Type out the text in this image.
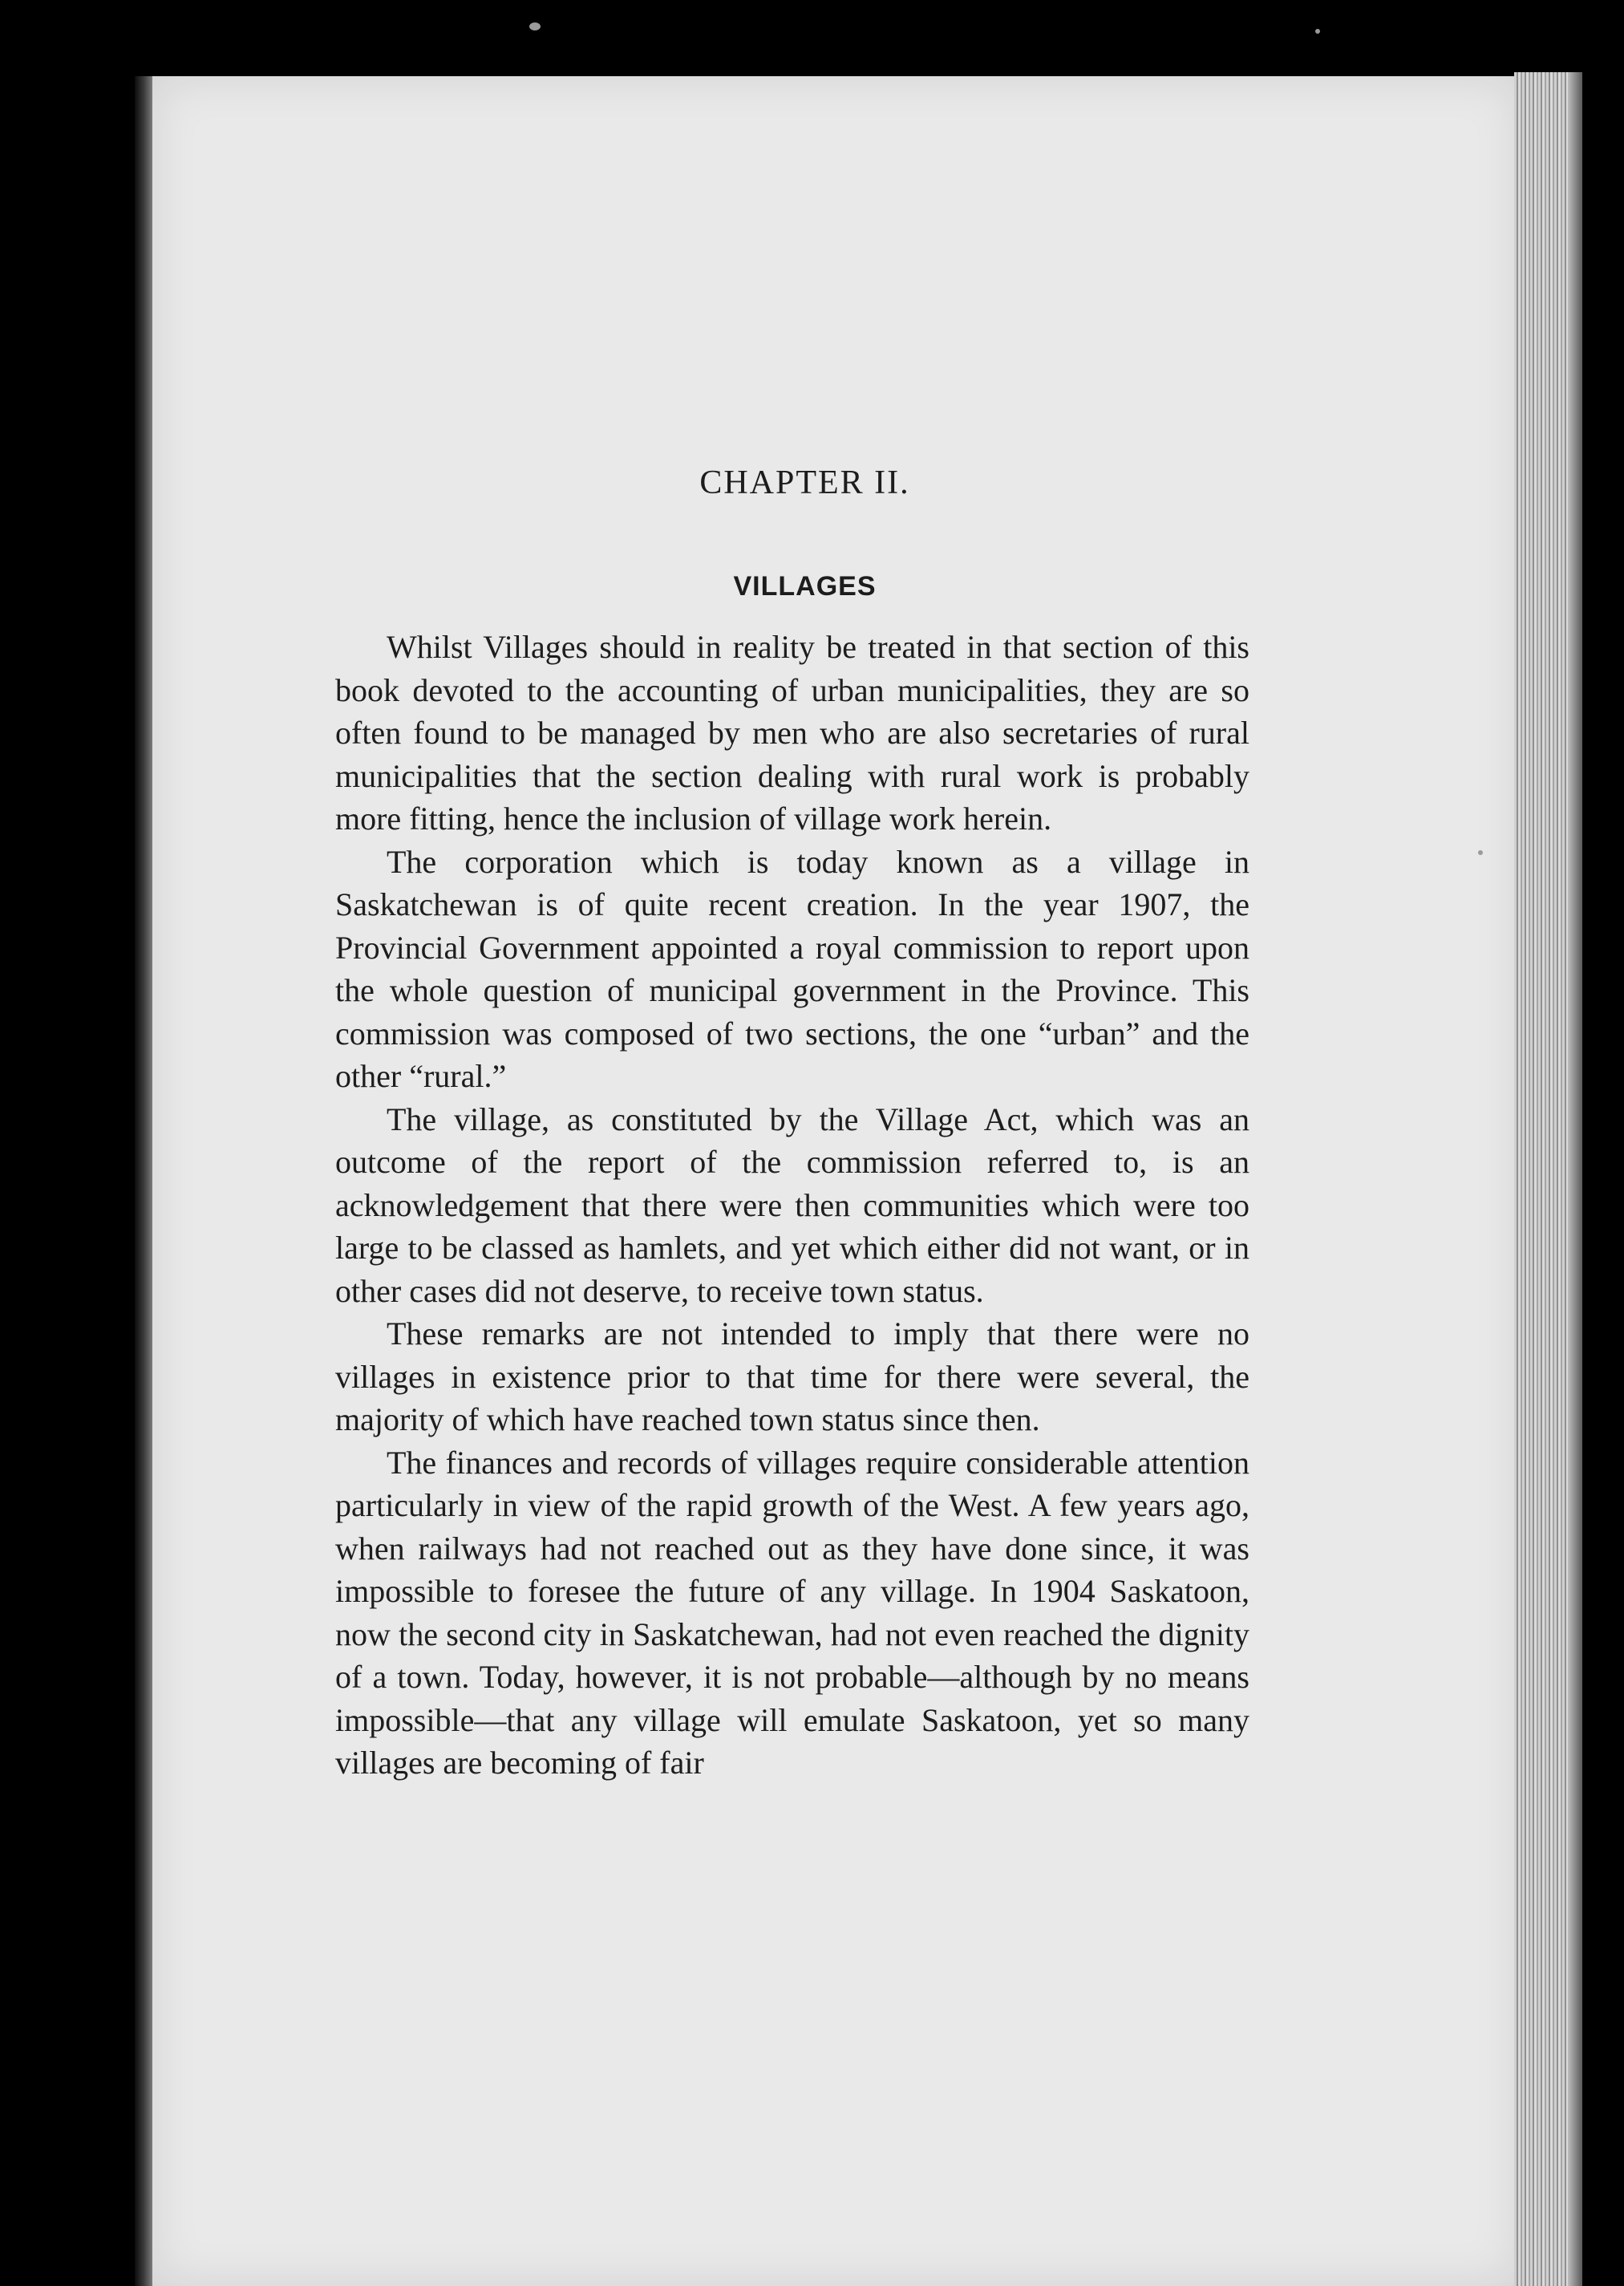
CHAPTER II.
VILLAGES

Whilst Villages should in reality be treated in that section of this book devoted to the accounting of urban municipalities, they are so often found to be managed by men who are also secretaries of rural municipalities that the section dealing with rural work is probably more fitting, hence the inclusion of village work herein.

The corporation which is today known as a village in Saskatchewan is of quite recent creation. In the year 1907, the Provincial Government appointed a royal commission to report upon the whole question of municipal government in the Province. This commission was composed of two sections, the one “urban” and the other “rural.”

The village, as constituted by the Village Act, which was an outcome of the report of the commission referred to, is an acknowledgement that there were then communities which were too large to be classed as hamlets, and yet which either did not want, or in other cases did not deserve, to receive town status.

These remarks are not intended to imply that there were no villages in existence prior to that time for there were several, the majority of which have reached town status since then.

The finances and records of villages require considerable attention particularly in view of the rapid growth of the West. A few years ago, when railways had not reached out as they have done since, it was impossible to foresee the future of any village. In 1904 Saskatoon, now the second city in Saskatchewan, had not even reached the dignity of a town. Today, however, it is not probable—although by no means impossible—that any village will emulate Saskatoon, yet so many villages are becoming of fair
